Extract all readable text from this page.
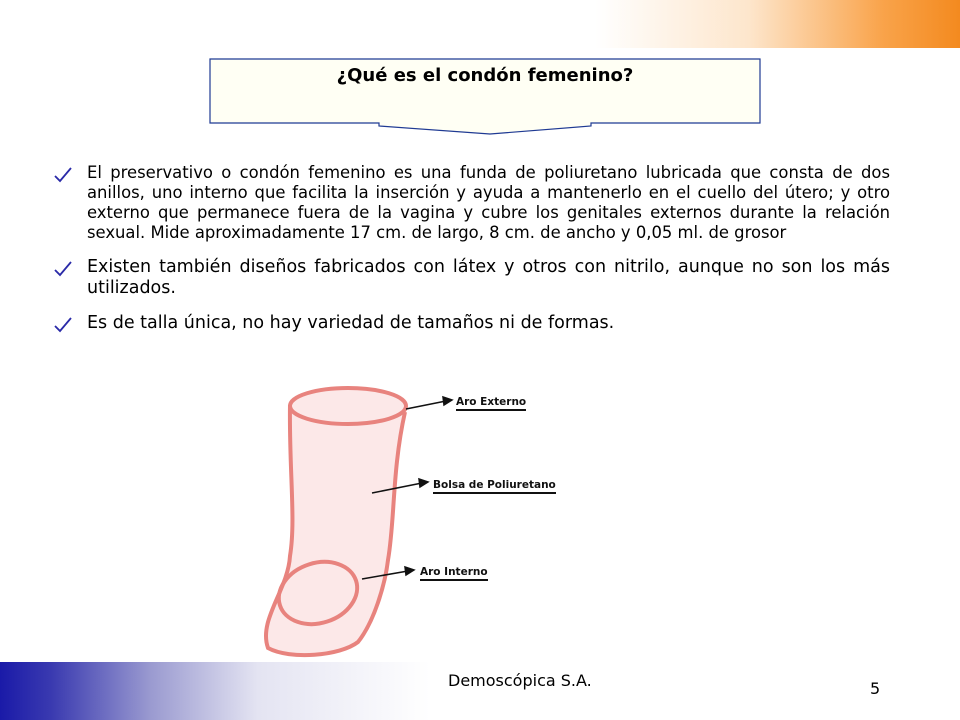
¿Qué es el condón femenino?
El preservativo o condón femenino es una funda de poliuretano lubricada que consta de dos anillos, uno interno que facilita la inserción y ayuda a mantenerlo en el cuello del útero; y otro externo que permanece fuera de la vagina y cubre los genitales externos durante la relación sexual. Mide aproximadamente 17 cm. de largo, 8 cm. de ancho y 0,05 ml. de grosor
Existen también diseños fabricados con látex y otros con nitrilo, aunque no son los más utilizados.
Es de talla única, no hay variedad de tamaños ni de formas.
Aro Externo
Bolsa de Poliuretano
Aro Interno
Demoscópica S.A.	5
